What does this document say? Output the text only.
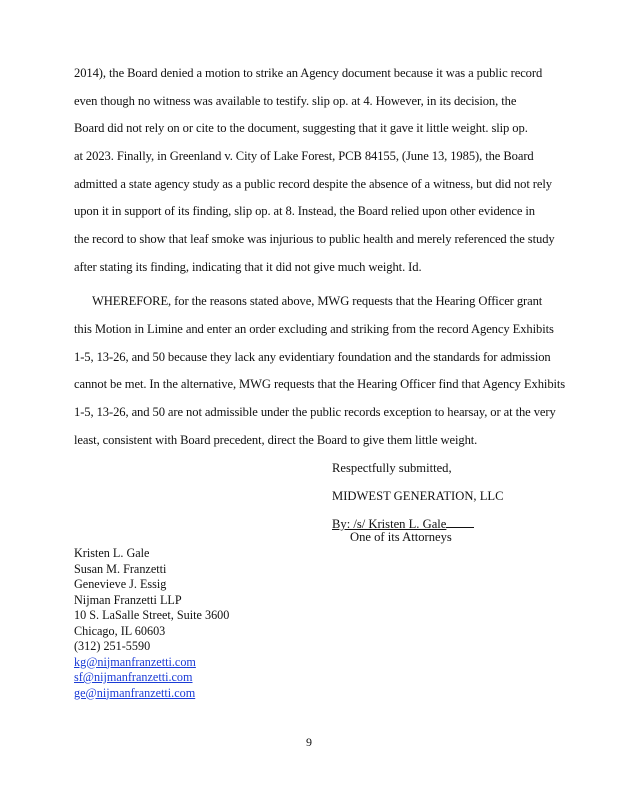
2014), the Board denied a motion to strike an Agency document because it was a public record
even though no witness was available to testify. slip op. at 4. However, in its decision, the
Board did not rely on or cite to the document, suggesting that it gave it little weight. slip op.
at 2023. Finally, in Greenland v. City of Lake Forest, PCB 84155, (June 13, 1985), the Board
admitted a state agency study as a public record despite the absence of a witness, but did not rely
upon it in support of its finding, slip op. at 8. Instead, the Board relied upon other evidence in
the record to show that leaf smoke was injurious to public health and merely referenced the study
after stating its finding, indicating that it did not give much weight. Id.
WHEREFORE, for the reasons stated above, MWG requests that the Hearing Officer grant
this Motion in Limine and enter an order excluding and striking from the record Agency Exhibits
1-5, 13-26, and 50 because they lack any evidentiary foundation and the standards for admission
cannot be met. In the alternative, MWG requests that the Hearing Officer find that Agency Exhibits
1-5, 13-26, and 50 are not admissible under the public records exception to hearsay, or at the very
least, consistent with Board precedent, direct the Board to give them little weight.
Respectfully submitted,
MIDWEST GENERATION, LLC
By: /s/ Kristen L. Gale
One of its Attorneys
Kristen L. Gale
Susan M. Franzetti
Genevieve J. Essig
Nijman Franzetti LLP
10 S. LaSalle Street, Suite 3600
Chicago, IL 60603
(312) 251-5590
kg@nijmanfranzetti.com
sf@nijmanfranzetti.com
ge@nijmanfranzetti.com
9
